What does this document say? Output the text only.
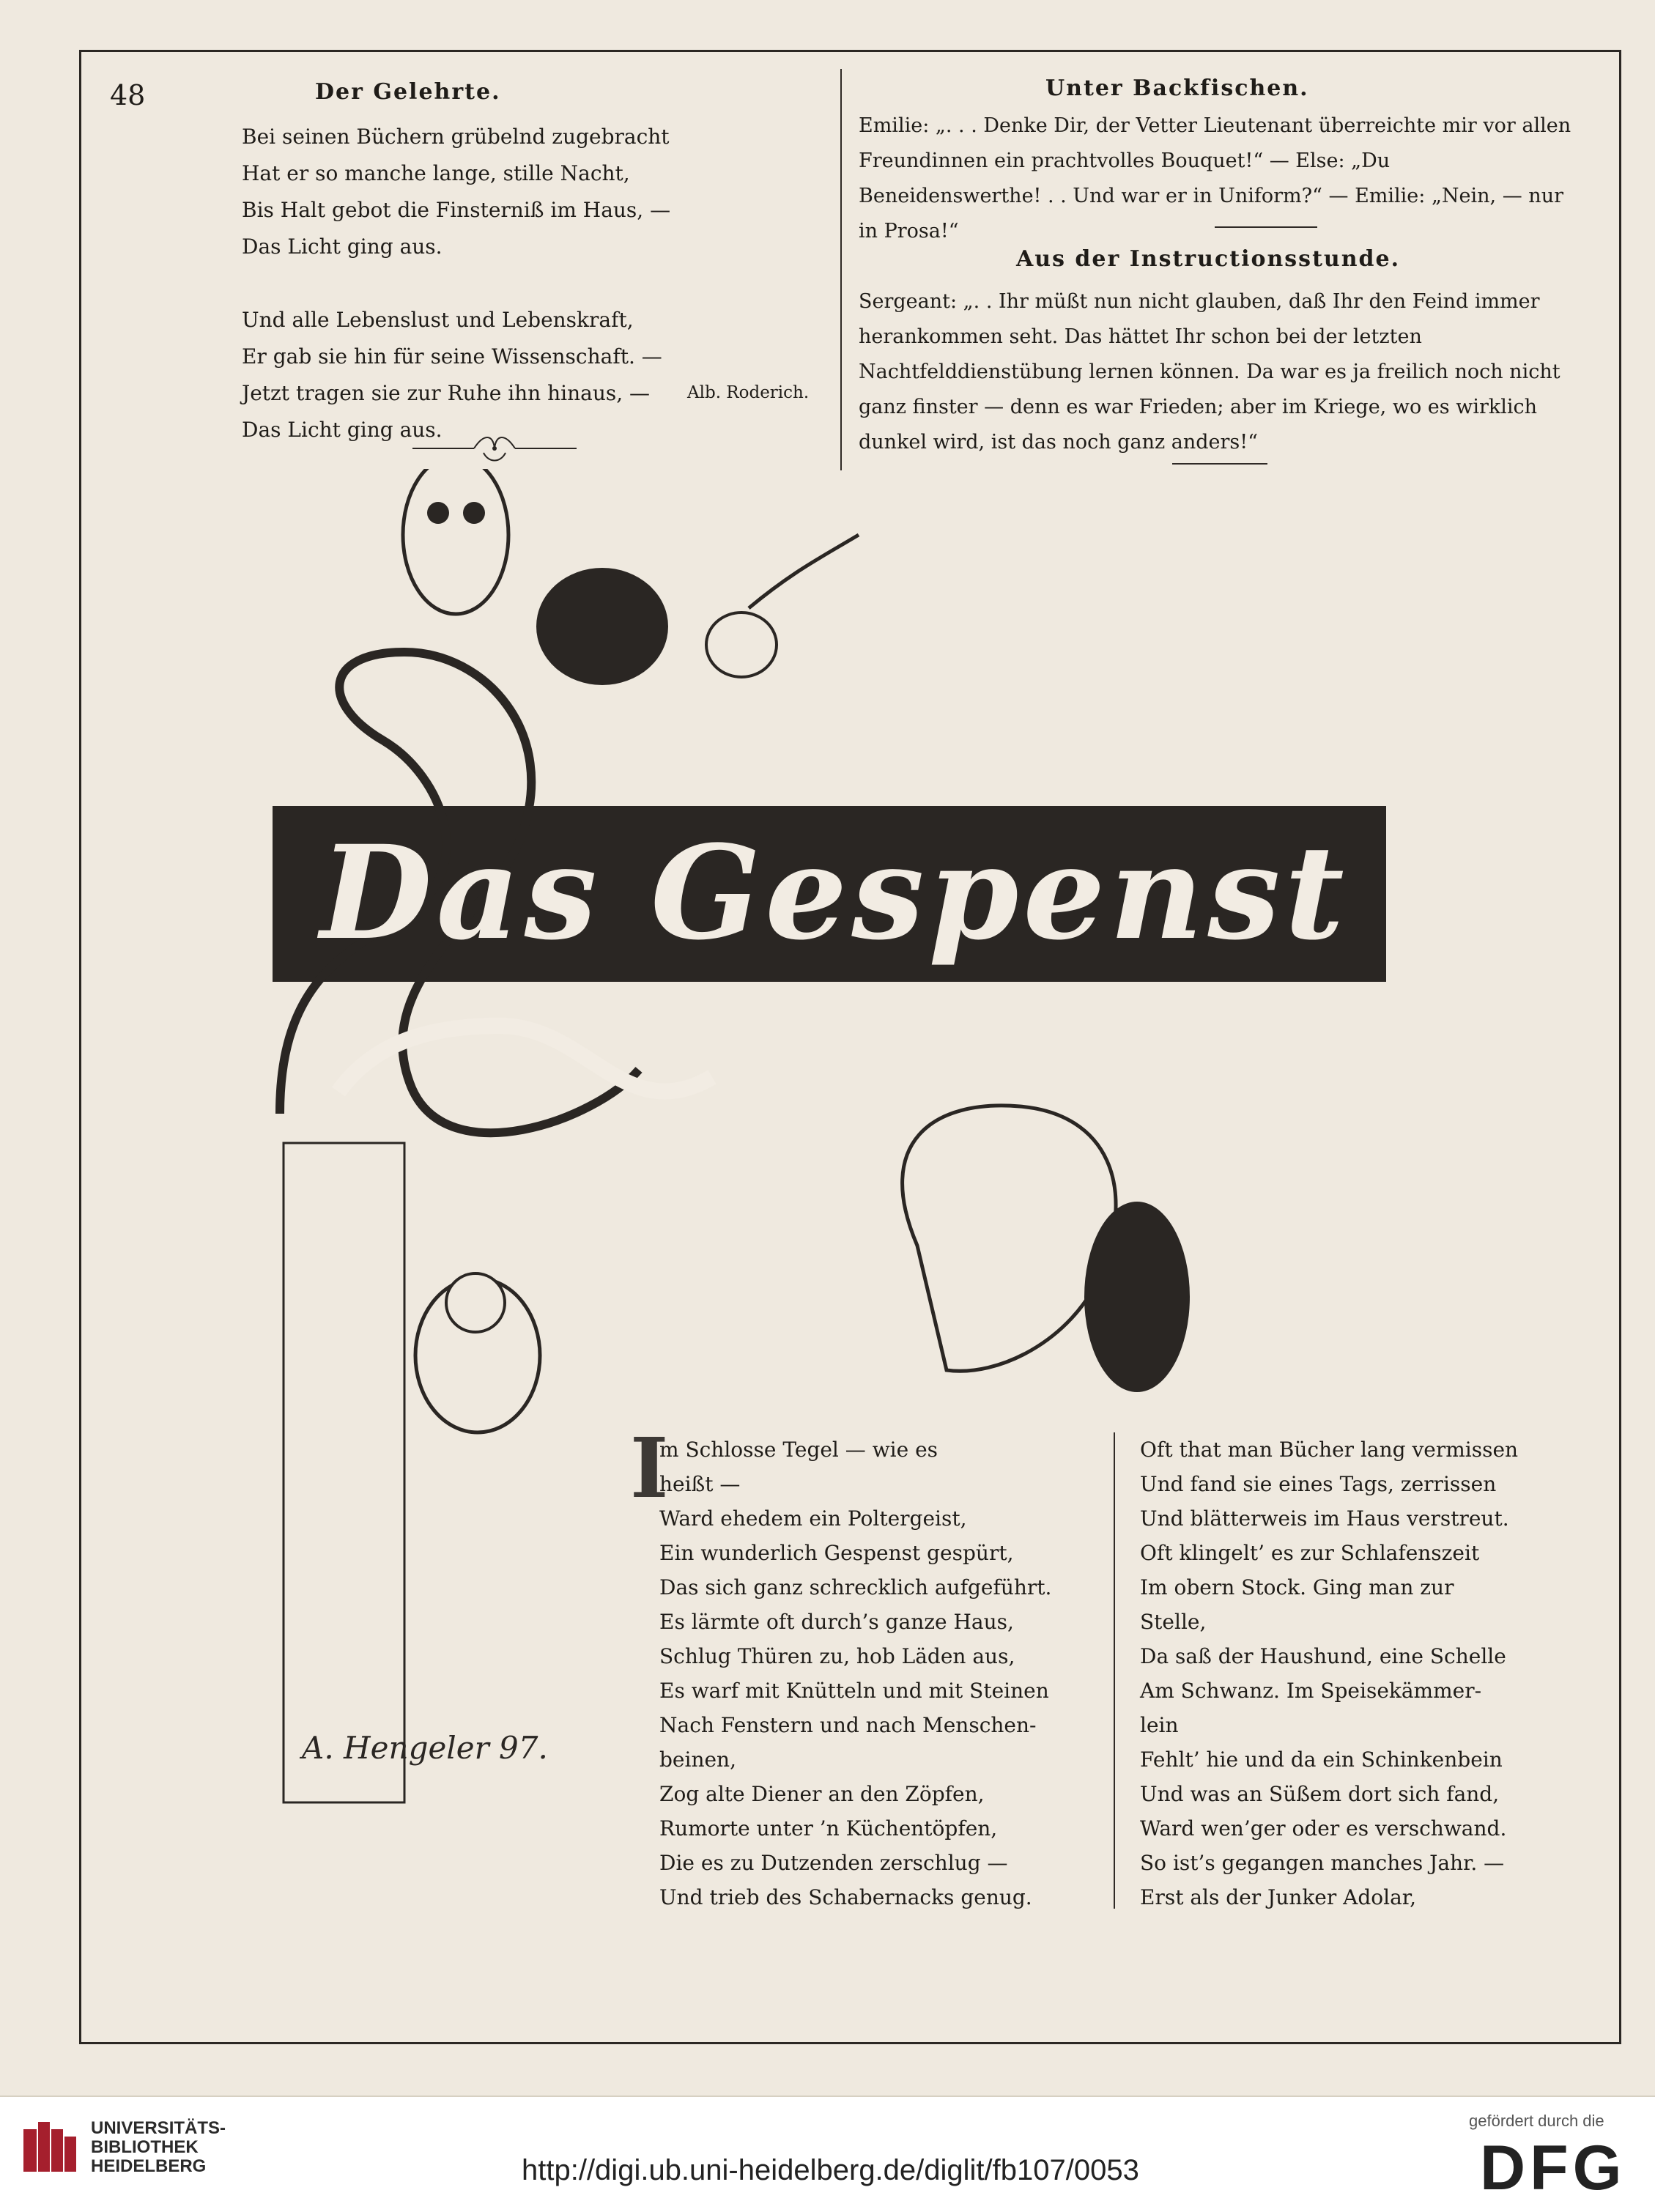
48	Der Gelehrte.
Bei seinen Büchern grübelnd zugebracht
Hat er so manche lange, stille Nacht,
Bis Halt gebot die Finsterniß im Haus, —
Das Licht ging aus.

Und alle Lebenslust und Lebenskraft,
Er gab sie hin für seine Wissenschaft. —
Jetzt tragen sie zur Ruhe ihn hinaus, —
Das Licht ging aus.
Alb. Roderich.
Unter Backfischen.
Emilie: „. . . Denke Dir, der Vetter Lieutenant überreichte mir vor allen Freundinnen ein prachtvolles Bouquet!“ — Else: „Du Beneidenswerthe! . . Und war er in Uniform?“ — Emilie: „Nein, — nur in Prosa!“
Aus der Instructionsstunde.
Sergeant: „. . Ihr müßt nun nicht glauben, daß Ihr den Feind immer herankommen seht. Das hättet Ihr schon bei der letzten Nachtfelddienstübung lernen können. Da war es ja freilich noch nicht ganz finster — denn es war Frieden; aber im Kriege, wo es wirklich dunkel wird, ist das noch ganz anders!“
A. Hengeler 97.
Das Gespenst
I
m Schlosse Tegel — wie es
heißt —
Ward ehedem ein Poltergeist,
Ein wunderlich Gespenst gespürt,
Das sich ganz schrecklich aufgeführt.
Es lärmte oft durch’s ganze Haus,
Schlug Thüren zu, hob Läden aus,
Es warf mit Knütteln und mit Steinen
Nach Fenstern und nach Menschen-
beinen,
Zog alte Diener an den Zöpfen,
Rumorte unter ’n Küchentöpfen,
Die es zu Dutzenden zerschlug —
Und trieb des Schabernacks genug.
Oft that man Bücher lang vermissen
Und fand sie eines Tags, zerrissen
Und blätterweis im Haus verstreut.
Oft klingelt’ es zur Schlafenszeit
Im obern Stock. Ging man zur
Stelle,
Da saß der Haushund, eine Schelle
Am Schwanz. Im Speisekämmer-
lein
Fehlt’ hie und da ein Schinkenbein
Und was an Süßem dort sich fand,
Ward wen’ger oder es verschwand.
So ist’s gegangen manches Jahr. —
Erst als der Junker Adolar,
UNIVERSITÄTS-
BIBLIOTHEK
HEIDELBERG	http://digi.ub.uni-heidelberg.de/diglit/fb107/0053
gefördert durch die
DFG
